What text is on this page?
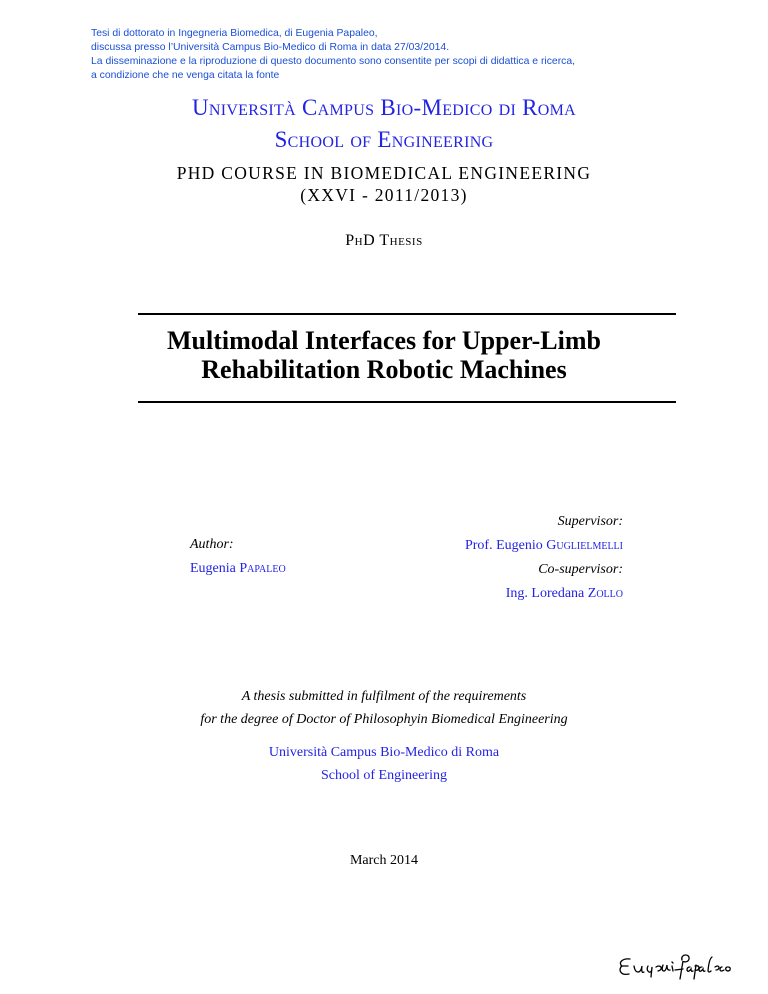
Tesi di dottorato in Ingegneria Biomedica, di Eugenia Papaleo,
discussa presso l’Università Campus Bio-Medico di Roma in data 27/03/2014.
La disseminazione e la riproduzione di questo documento sono consentite per scopi di didattica e ricerca,
a condizione che ne venga citata la fonte
Università Campus Bio-Medico di Roma
School of Engineering
PHD COURSE IN BIOMEDICAL ENGINEERING
(XXVI - 2011/2013)
PhD Thesis
Multimodal Interfaces for Upper-Limb
Rehabilitation Robotic Machines
Author:
Eugenia Papaleo
Supervisor:
Prof. Eugenio Guglielmelli
Co-supervisor:
Ing. Loredana Zollo
A thesis submitted in fulfilment of the requirements
for the degree of Doctor of Philosophyin Biomedical Engineering
Università Campus Bio-Medico di Roma
School of Engineering
March 2014
